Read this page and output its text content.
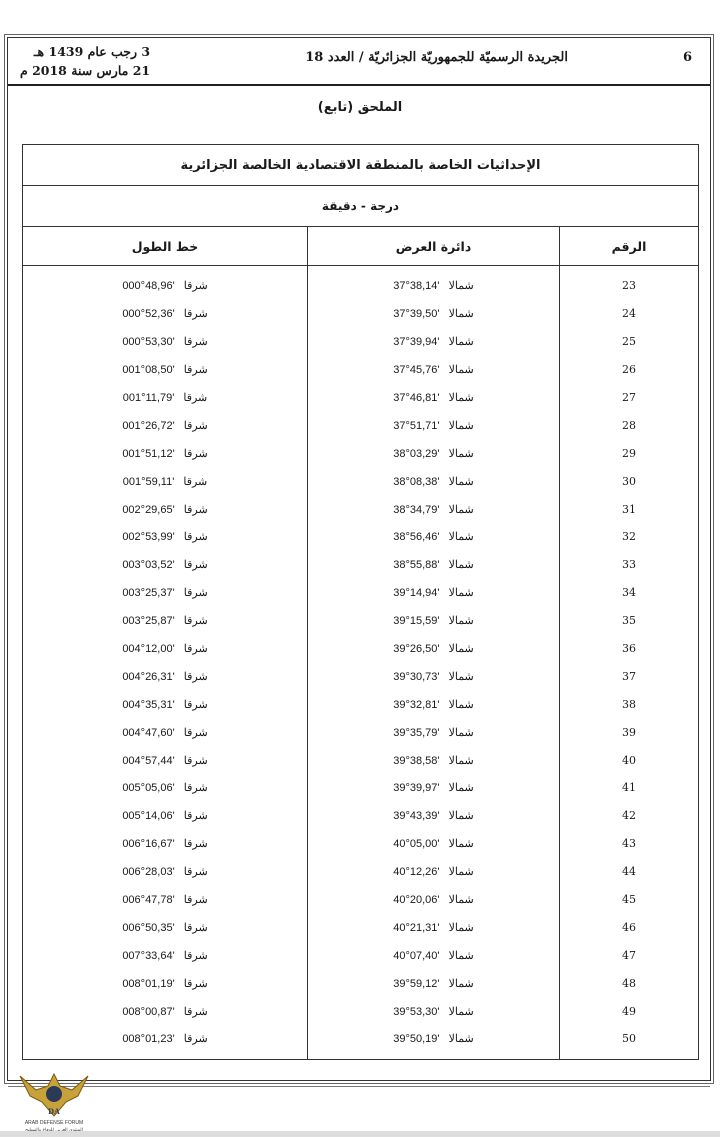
3 رجب عام 1439 هـ
21 مارس سنة 2018 م
الجريدة الرسميّة للجمهوريّة الجزائريّة / العدد 18	6
الملحق (تابع)
الإحداثيات الخاصة بالمنطقة الاقتصادية الخالصة الجزائرية		
درجة - دقيقة		
الرقم	دائرة العرض	خط الطول
23	شمالا 37°38,14'	شرقا 000°48,96'
24	شمالا 37°39,50'	شرقا 000°52,36'
25	شمالا 37°39,94'	شرقا 000°53,30'
26	شمالا 37°45,76'	شرقا 001°08,50'
27	شمالا 37°46,81'	شرقا 001°11,79'
28	شمالا 37°51,71'	شرقا 001°26,72'
29	شمالا 38°03,29'	شرقا 001°51,12'
30	شمالا 38°08,38'	شرقا 001°59,11'
31	شمالا 38°34,79'	شرقا 002°29,65'
32	شمالا 38°56,46'	شرقا 002°53,99'
33	شمالا 38°55,88'	شرقا 003°03,52'
34	شمالا 39°14,94'	شرقا 003°25,37'
35	شمالا 39°15,59'	شرقا 003°25,87'
36	شمالا 39°26,50'	شرقا 004°12,00'
37	شمالا 39°30,73'	شرقا 004°26,31'
38	شمالا 39°32,81'	شرقا 004°35,31'
39	شمالا 39°35,79'	شرقا 004°47,60'
40	شمالا 39°38,58'	شرقا 004°57,44'
41	شمالا 39°39,97'	شرقا 005°05,06'
42	شمالا 39°43,39'	شرقا 005°14,06'
43	شمالا 40°05,00'	شرقا 006°16,67'
44	شمالا 40°12,26'	شرقا 006°28,03'
45	شمالا 40°20,06'	شرقا 006°47,78'
46	شمالا 40°21,31'	شرقا 006°50,35'
47	شمالا 40°07,40'	شرقا 007°33,64'
48	شمالا 39°59,12'	شرقا 008°01,19'
49	شمالا 39°53,30'	شرقا 008°00,87'
50	شمالا 39°50,19'	شرقا 008°01,23'
DA
ARAB DEFENSE FORUM
